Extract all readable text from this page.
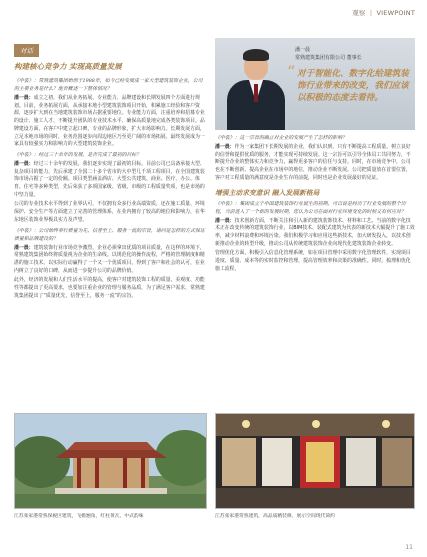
观察 | VIEWPOINT
对话
构建核心竞争力 实现高质量发展
《中装》：常熟建筑集团始创于1988年，如今已经发展成一家大型建筑装饰企业，公司的主要业务是什么？能否概述一下整体情况？
潘一晨：成立之初，我们从业务拓展、专业能力、品牌建设和长期发展四个方面进行规划。目前，业务拓展方面，从承接本地小型建筑装饰项目开始，积累施工经验和客户资源，逐步扩大到在当地建筑装饰市场占据重要地位。专业能力方面，注重培养和招募专业的设计、施工人才，不断提升团队的专业技术水平，确保高质量地完成各类装饰项目。品牌建设方面，在客户中建立起口碑，专业的品牌形象，扩大市场影响力。长期发展方面，立足本地市场的同时，业务范围逐步向周边地区乃至更广阔的市场拓展，最终发展成为一家具有较强实力和影响力的大型建筑装饰企业。
《中装》：经过三十余年的发展，是否完成了最初的目标？
潘一晨：经过三十余年的发展，我们逐步实现了最初的目标。目前公司已具备承接大型、复杂项目的能力，先后承建了全国二十多个省市的大中型几千项工程项目，在全国建筑装饰市场占据了一定的份额。项目类型涵盖酒店、大型公共建筑、商业、医疗、办公、体育、住宅等多种类型，先后荣获了多项国家级、省级、市级的工程质量奖项，也是市场的中坚力量。
公司的专业技术水平得到了业界认可，不仅拥有众多行业高端资质，还在施工质量、环境保护、安全生产等方面建立了完善的管理体系，在业内拥有了较高的地位和影响力，在华东地区装饰业界极具实力及声望。
《中装》：公司始终奉行质量为先、信誉至上、服务一流的宗旨，请问是怎样的方式保证质量和品牌建设的？
潘一晨：建筑装饰行业市场竞争激烈，企业必须拿出优质的项目质量，在这样的环境下，常熟建筑集团始终将质量视为企业的生命线。以规范化的操作流程，严格的管理制度和精湛的施工技术，以实际行动赢得了一个又一个优质项目，得到了客户和社会的认可，在业内树立了良好的口碑，从而进一步提升公司的品牌价值。
此外，经济的发展和人们生活水平的提高，使客户对建筑装饰工程的质量、美观度、功能性等都提出了更高要求，也要加注重企业的管理与服务品质，为了满足客户需求，常熟建筑集团提出了“质量优先，信誉至上，服务一流”的宗旨。
潘一晨
常熟建筑集团有限公司 董事长
“ 对于智能化、数字化给建筑装饰行业带来的改变，我们应该以积极的态度去看待。
《中装》：这一宗旨的确立对企业的发展产生了怎样的影响？
潘一晨：作为一家集团下长期发展的企业，我们认识到，只有不断提高工程质量、树立良好的信誉和提供优质的服务，才能实现可持续发展。这一宗旨可以引导全体员工共同努力，不断提升企业的整体实力和竞争力，赢得更多客户的信任与支持。同时，在市场竞争中，公司也在不断创新，提高企业在市场中的地位，推动企业不断发展。公司把质量放在首要位置，客户对工程质量的满意度是企业生存的前提，同时也是企业发展最好的见证。
增强主动求变意识 融入发展新格局
《中装》：集团成立于中国建筑装饰行业诞生的初期，可以说是经历了行业发展的整个历程，当前进入了一个新的发展时期，您认为公司在面对行业环境变化的时候又有何应对？
潘一晨：技术创新方面，不断关注和引入新的建筑装饰技术、材料和工艺。当前的数字化技术正在改变传统的建筑装饰行业，以BIM技术、装配式建筑为代表的新技术大幅提升了施工效率，减少材料浪费和环境污染。我们积极学习和应用这些新技术，加大研发投入，以技术创新推动企业的转型升级，推动公司从传统建筑装饰企业向现代化建筑装饰企业转变。
管理优化方面，积极引入信息化管理系统，如在项目管理中采用数字化管理软件，实现项目进度、质量、成本等的实时监控和管理，提高管理效率和决策的准确性。同时，梳理和优化施工流程，
江苏张家港常熟保税区建筑，飞檐翘角，红柱黄瓦，中式韵味	江苏张家港常熟建筑，高品质精装修，展示空间现代简约
11
